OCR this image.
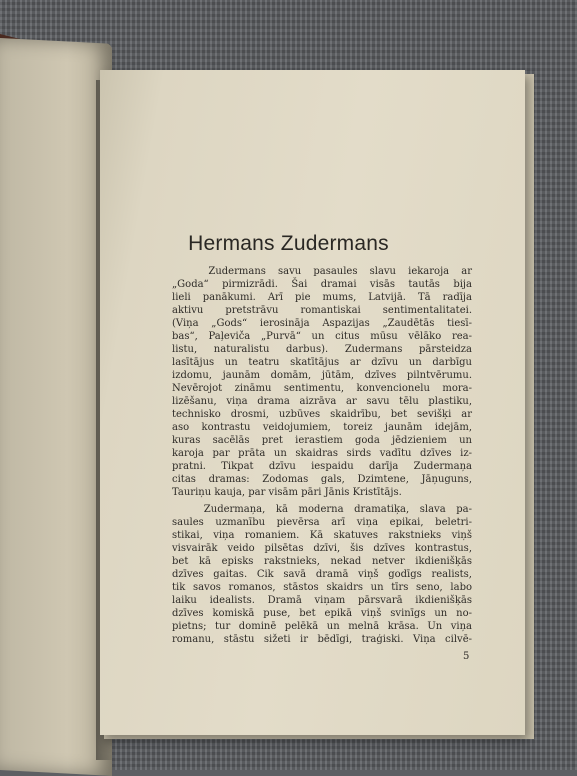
Hermans Zudermans

Zudermans savu pasaules slavu iekaroja ar
„Goda“ pirmizrādi. Šai dramai visās tautās bija
lieli panākumi. Arī pie mums, Latvijā. Tā radīja
aktivu pretstrāvu romantiskai sentimentalitatei.
(Viņa „Gods“ ierosināja Aspazijas „Zaudētās tiesī-
bas“, Paļeviča „Purvā“ un citus mūsu vēlāko rea-
listu, naturalistu darbus). Zudermans pārsteidza
lasītājus un teatru skatītājus ar dzīvu un darbīgu
izdomu, jaunām domām, jūtām, dzīves pilntvērumu.
Nevērojot zināmu sentimentu, konvencionelu mora-
lizēšanu, viņa drama aizrāva ar savu tēlu plastiku,
technisko drosmi, uzbūves skaidrību, bet sevišķi ar
aso kontrastu veidojumiem, toreiz jaunām idejām,
kuras sacēlās pret ierastiem goda jēdzieniem un
karoja par prāta un skaidras sirds vadītu dzīves iz-
pratni. Tikpat dzīvu iespaidu darīja Zudermaņa
citas dramas: Zodomas gals, Dzimtene, Jāņuguns,
Tauriņu kauja, par visām pāri Jānis Kristītājs.

Zudermaņa, kā moderna dramatiķa, slava pa-
saules uzmanību pievērsa arī viņa epikai, beletri-
stikai, viņa romaniem. Kā skatuves rakstnieks viņš
visvairāk veido pilsētas dzīvi, šis dzīves kontrastus,
bet kā episks rakstnieks, nekad netver ikdienišķās
dzīves gaitas. Cik savā dramā viņš godīgs realists,
tik savos romanos, stāstos skaidrs un tīrs seno, labo
laiku idealists. Dramā viņam pārsvarā ikdienišķās
dzīves komiskā puse, bet epikā viņš svinīgs un no-
pietns; tur dominē pelēkā un melnā krāsa. Un viņa
romanu, stāstu sižeti ir bēdīgi, traģiski. Viņa cilvē-

5
